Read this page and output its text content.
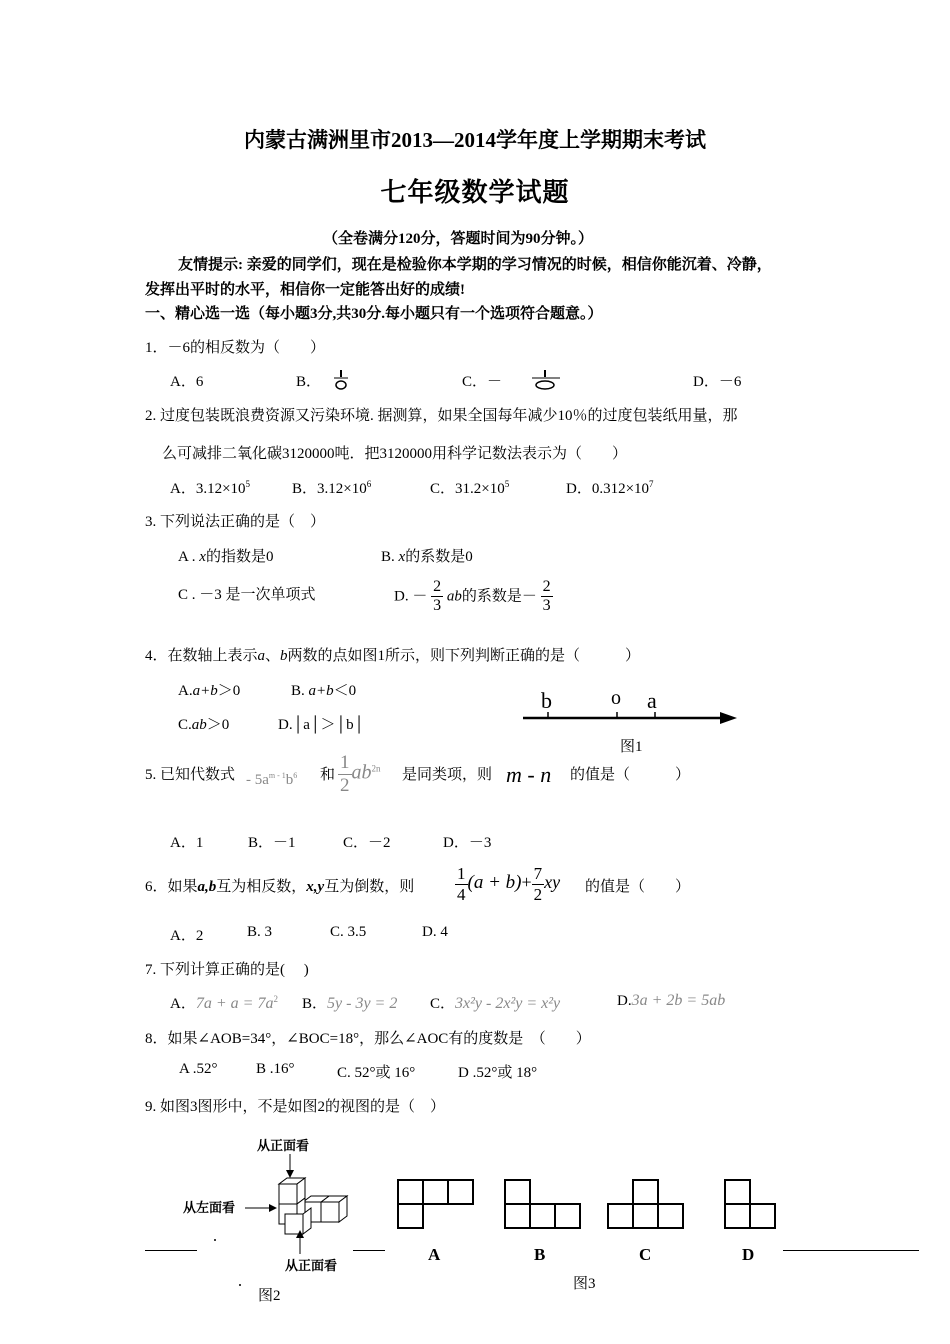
内蒙古满洲里市2013—2014学年度上学期期末考试
七年级数学试题
（全卷满分120分，答题时间为90分钟。）
友情提示: 亲爱的同学们，现在是检验你本学期的学习情况的时候，相信你能沉着、冷静，
发挥出平时的水平，相信你一定能答出好的成绩!
一、精心选一选（每小题3分,共30分.每小题只有一个选项符合题意。）
1．－6的相反数为（　　）
A．6	B．	C．－	D．－6
2. 过度包装既浪费资源又污染环境. 据测算，如果全国每年减少10％的过度包装纸用量，那
么可减排二氧化碳3120000吨．把3120000用科学记数法表示为（　　）
A．$3.12\times 10^5$	B．$3.12\times 10^6$	C．$31.2\times 10^5$	D．$0.312\times 10^7$
3. 下列说法正确的是（　）
A . x的指数是0	B. x的系数是0
C . －3 是一次单项式	D. － $\frac{2}{3}$ ab的系数是－ $\frac{2}{3}$
4．在数轴上表示a、b两数的点如图1所示，则下列判断正确的是（　　　）
A.a+b＞0	B. a+b＜0
C.ab＞0	D.│a│＞│b│
b	o a
图1
5. 已知代数式 - $5a^{m - 1}b^6$ 和 $\frac{1}{2} ab^{2n}$ 是同类项，则 m - n 的值是（　　　）
A．1	B．－1	C．－2	D．－3
6．如果a,b互为相反数，x,y互为倒数，则 $\frac{1}{4} (a + b)+ \frac{7}{2}$ xy 的值是（　　）
A．2	B. 3	C. 3.5	D. 4
7. 下列计算正确的是(　 )
A．$7a + a = 7a^2$ B．5y - 3y = 2 C．3x²y - 2x²y = x²y	D.3a + 2b = 5ab
8．如果∠AOB=34°，∠BOC=18°，那么∠AOC有的度数是　（　　）
A .52°	B .16°	C. 52°或 16°	D .52°或 18°
9. 如图3图形中，不是如图2的视图的是（　）
从正面看
从左面看
从正面看
图2
A	B	C	D
图3
